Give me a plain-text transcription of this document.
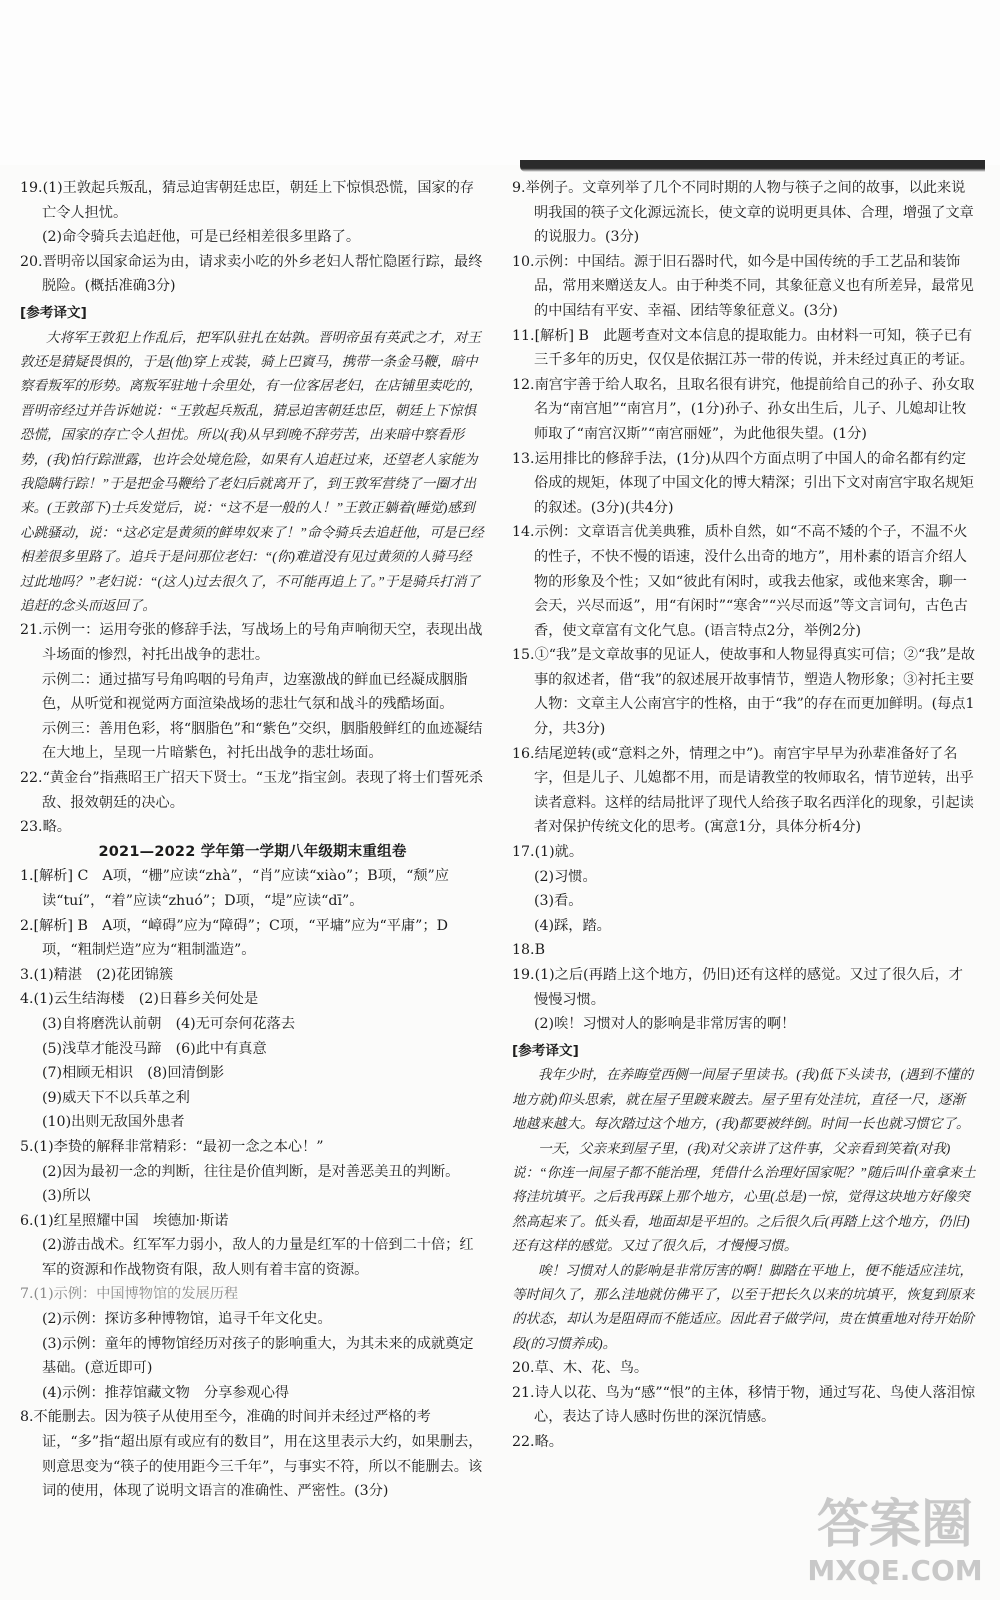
19.(1)王敦起兵叛乱，猜忌迫害朝廷忠臣，朝廷上下惊惧恐慌，国家的存亡令人担忧。

(2)命令骑兵去追赶他，可是已经相差很多里路了。

20.晋明帝以国家命运为由，请求卖小吃的外乡老妇人帮忙隐匿行踪，最终脱险。(概括准确3分)

[参考译文]

大将军王敦犯上作乱后，把军队驻扎在姑孰。晋明帝虽有英武之才，对王敦还是猜疑畏惧的，于是(他)穿上戎装，骑上巴賨马，携带一条金马鞭，暗中察看叛军的形势。离叛军驻地十余里处，有一位客居老妇，在店铺里卖吃的，晋明帝经过并告诉她说：“王敦起兵叛乱，猜忌迫害朝廷忠臣，朝廷上下惊惧恐慌，国家的存亡令人担忧。所以(我)从早到晚不辞劳苦，出来暗中察看形势，(我)怕行踪泄露，也许会处境危险，如果有人追赶过来，还望老人家能为我隐瞒行踪！”于是把金马鞭给了老妇后就离开了，到王敦军营绕了一圈才出来。(王敦部下)士兵发觉后，说：“这不是一般的人！”王敦正躺着(睡觉)感到心跳骚动，说：“这必定是黄须的鲜卑奴来了！”命令骑兵去追赶他，可是已经相差很多里路了。追兵于是问那位老妇：“(你)难道没有见过黄须的人骑马经过此地吗？”老妇说：“(这人)过去很久了，不可能再追上了。”于是骑兵打消了追赶的念头而返回了。

21.示例一：运用夸张的修辞手法，写战场上的号角声响彻天空，表现出战斗场面的惨烈，衬托出战争的悲壮。

示例二：通过描写号角呜咽的号角声，边塞激战的鲜血已经凝成胭脂色，从听觉和视觉两方面渲染战场的悲壮气氛和战斗的残酷场面。

示例三：善用色彩，将“胭脂色”和“紫色”交织，胭脂般鲜红的血迹凝结在大地上，呈现一片暗紫色，衬托出战争的悲壮场面。

22.“黄金台”指燕昭王广招天下贤士。“玉龙”指宝剑。表现了将士们誓死杀敌、报效朝廷的决心。

23.略。

2021—2022 学年第一学期八年级期末重组卷

1.[解析] C　A项，“栅”应读“zhà”，“肖”应读“xiào”；B项，“颓”应读“tuí”，“着”应读“zhuó”；D项，“堤”应读“dī”。

2.[解析] B　A项，“嶂碍”应为“障碍”；C项，“平墉”应为“平庸”；D项，“粗制烂造”应为“粗制滥造”。

3.(1)精湛　(2)花团锦簇

4.(1)云生结海楼　(2)日暮乡关何处是

(3)自将磨洗认前朝　(4)无可奈何花落去

(5)浅草才能没马蹄　(6)此中有真意

(7)相顾无相识　(8)回清倒影

(9)威天下不以兵革之利

(10)出则无敌国外患者

5.(1)李贽的解释非常精彩：“最初一念之本心！”

(2)因为最初一念的判断，往往是价值判断，是对善恶美丑的判断。

(3)所以

6.(1)红星照耀中国　埃德加·斯诺

(2)游击战术。红军军力弱小，敌人的力量是红军的十倍到二十倍；红军的资源和作战物资有限，敌人则有着丰富的资源。

7.(1)示例：中国博物馆的发展历程

(2)示例：探访多种博物馆，追寻千年文化史。

(3)示例：童年的博物馆经历对孩子的影响重大，为其未来的成就奠定基础。(意近即可)

(4)示例：推荐馆藏文物　分享参观心得

8.不能删去。因为筷子从使用至今，准确的时间并未经过严格的考证，“多”指“超出原有或应有的数目”，用在这里表示大约，如果删去，则意思变为“筷子的使用距今三千年”，与事实不符，所以不能删去。该词的使用，体现了说明文语言的准确性、严密性。(3分)

9.举例子。文章列举了几个不同时期的人物与筷子之间的故事，以此来说明我国的筷子文化源远流长，使文章的说明更具体、合理，增强了文章的说服力。(3分)

10.示例：中国结。源于旧石器时代，如今是中国传统的手工艺品和装饰品，常用来赠送友人。由于种类不同，其象征意义也有所差异，最常见的中国结有平安、幸福、团结等象征意义。(3分)

11.[解析] B　此题考查对文本信息的提取能力。由材料一可知，筷子已有三千多年的历史，仅仅是依据江苏一带的传说，并未经过真正的考证。

12.南宫宇善于给人取名，且取名很有讲究，他提前给自己的孙子、孙女取名为“南宫旭”“南宫月”，(1分)孙子、孙女出生后，儿子、儿媳却让牧师取了“南宫汉斯”“南宫丽娅”，为此他很失望。(1分)

13.运用排比的修辞手法，(1分)从四个方面点明了中国人的命名都有约定俗成的规矩，体现了中国文化的博大精深；引出下文对南宫宇取名规矩的叙述。(3分)(共4分)

14.示例：文章语言优美典雅，质朴自然，如“不高不矮的个子，不温不火的性子，不快不慢的语速，没什么出奇的地方”，用朴素的语言介绍人物的形象及个性；又如“彼此有闲时，或我去他家，或他来寒舍，聊一会天，兴尽而返”，用“有闲时”“寒舍”“兴尽而返”等文言词句，古色古香，使文章富有文化气息。(语言特点2分，举例2分)

15.①“我”是文章故事的见证人，使故事和人物显得真实可信；②“我”是故事的叙述者，借“我”的叙述展开故事情节，塑造人物形象；③衬托主要人物：文章主人公南宫宇的性格，由于“我”的存在而更加鲜明。(每点1分，共3分)

16.结尾逆转(或“意料之外，情理之中”)。南宫宇早早为孙辈准备好了名字，但是儿子、儿媳都不用，而是请教堂的牧师取名，情节逆转，出乎读者意料。这样的结局批评了现代人给孩子取名西洋化的现象，引起读者对保护传统文化的思考。(寓意1分，具体分析4分)

17.(1)就。

(2)习惯。

(3)看。

(4)踩，踏。

18.B

19.(1)之后(再踏上这个地方，仍旧)还有这样的感觉。又过了很久后，才慢慢习惯。

(2)唉！习惯对人的影响是非常厉害的啊！

[参考译文]

我年少时，在养晦堂西侧一间屋子里读书。(我)低下头读书，(遇到不懂的地方就)仰头思索，就在屋子里踱来踱去。屋子里有处洼坑，直径一尺，逐渐地越来越大。每次踏过这个地方，(我)都要被绊倒。时间一长也就习惯它了。

一天，父亲来到屋子里，(我)对父亲讲了这件事，父亲看到笑着(对我)说：“你连一间屋子都不能治理，凭借什么治理好国家呢？”随后叫仆童拿来土将洼坑填平。之后我再踩上那个地方，心里(总是)一惊，觉得这块地方好像突然高起来了。低头看，地面却是平坦的。之后很久后(再踏上这个地方，仍旧)还有这样的感觉。又过了很久后，才慢慢习惯。

唉！习惯对人的影响是非常厉害的啊！脚踏在平地上，便不能适应洼坑，等时间久了，那么洼地就仿佛平了，以至于把长久以来的坑填平，恢复到原来的状态，却认为是阻碍而不能适应。因此君子做学问，贵在慎重地对待开始阶段(的习惯养成)。

20.草、木、花、鸟。

21.诗人以花、鸟为“感”“恨”的主体，移情于物，通过写花、鸟使人落泪惊心，表达了诗人感时伤世的深沉情感。

22.略。

答案圈
MXQE.COM
